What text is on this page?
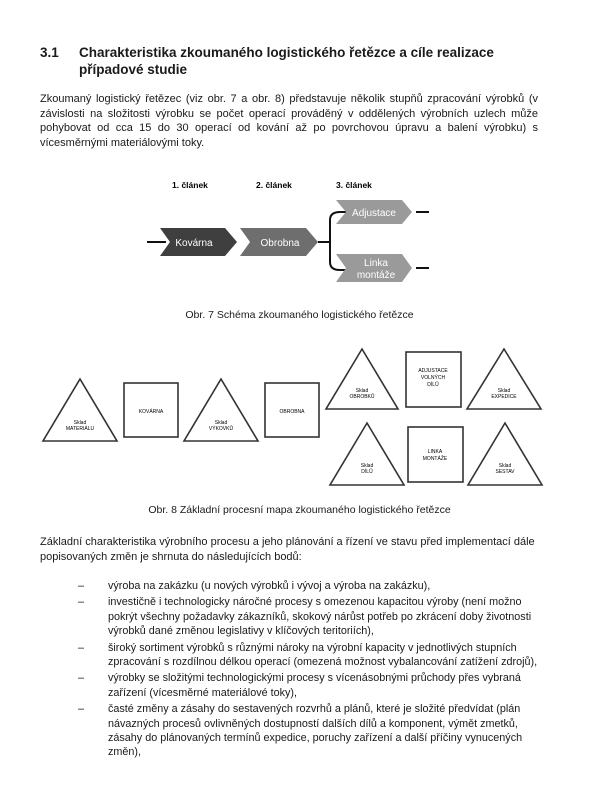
3.1 Charakteristika zkoumaného logistického řetězce a cíle realizace případové studie
Zkoumaný logistický řetězec (viz obr. 7 a obr. 8) představuje několik stupňů zpracování výrobků (v závislosti na složitosti výrobku se počet operací prováděný v oddělených výrobních uzlech může pohybovat od cca 15 do 30 operací od kování až po povrchovou úpravu a balení výrobku) s vícesměrnými materiálovými toky.
1. článek	2. článek	3. článek
Kovárna	Obrobna
Adjustace
Linka
montáže
Obr. 7 Schéma zkoumaného logistického řetězce
Sklad
MATERIÁLU
KOVÁRNA
Sklad
VÝKOVKŮ
OBROBNA
Sklad
OBROBKŮ
ADJUSTACE
VOLNÝCH
DÍLŮ
Sklad
EXPEDICE
Sklad
DÍLŮ
LINKA
MONTÁŽE
Sklad
SESTAV
Obr. 8 Základní procesní mapa zkoumaného logistického řetězce
Základní charakteristika výrobního procesu a jeho plánování a řízení ve stavu před implementací dále popisovaných změn je shrnuta do následujících bodů:
– výroba na zakázku (u nových výrobků i vývoj a výroba na zakázku),
– investičně i technologicky náročné procesy s omezenou kapacitou výroby (není možno pokrýt všechny požadavky zákazníků, skokový nárůst potřeb po zkrácení doby životnosti výrobků dané změnou legislativy v klíčových teritoriích),
– široký sortiment výrobků s různými nároky na výrobní kapacity v jednotlivých stupních zpracování s rozdílnou délkou operací (omezená možnost vybalancování zatížení zdrojů),
– výrobky se složitými technologickými procesy s vícenásobnými průchody přes vybraná zařízení (vícesměrné materiálové toky),
– časté změny a zásahy do sestavených rozvrhů a plánů, které je složité předvídat (plán návazných procesů ovlivněných dostupností dalších dílů a komponent, výmět zmetků, zásahy do plánovaných termínů expedice, poruchy zařízení a další příčiny vynucených změn),
